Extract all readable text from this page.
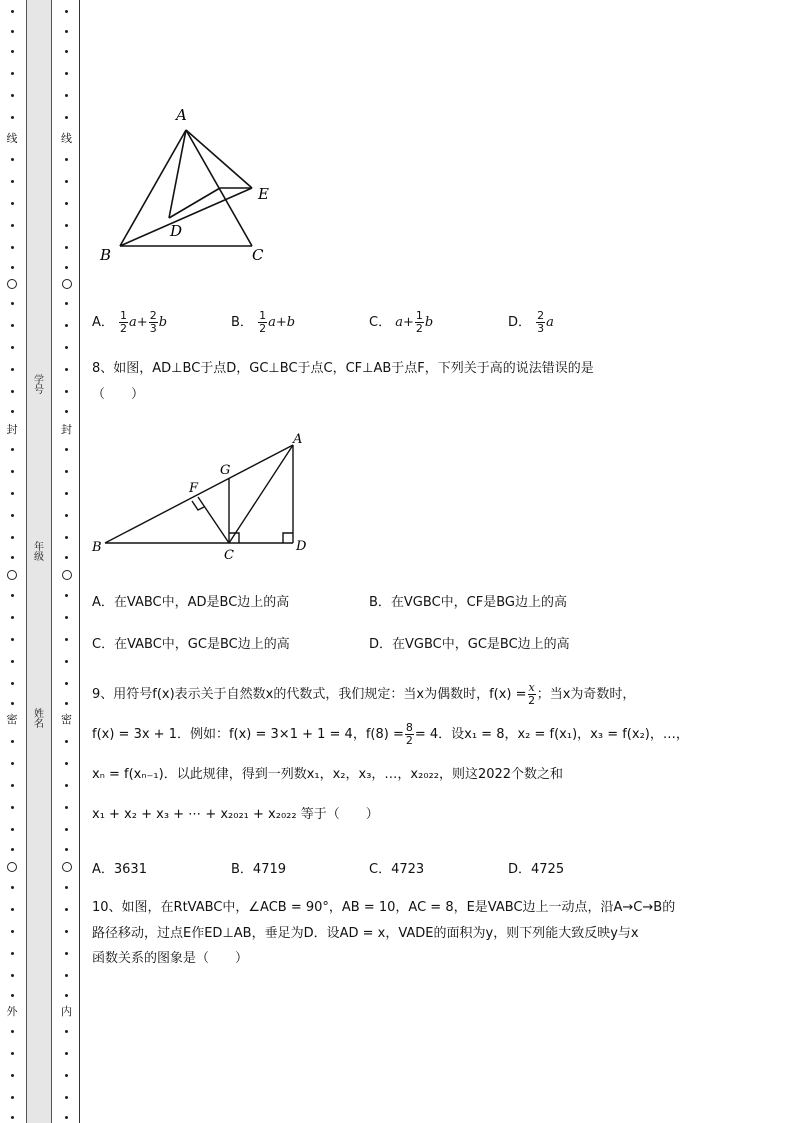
线
封
密
外
学号
年级
姓名
线
封
密
内
A
B	C
D
E
A． $\frac{1}{2} a+ \frac{2}{3}$ b	B． $\frac{1}{2} a+b$	C． $a+ \frac{1}{2}$ b	D． $\frac{2}{3}$ a
8、如图，AD⊥BC于点D，GC⊥BC于点C，CF⊥AB于点F，下列关于高的说法错误的是
（　　）
A
B
C
D
F
G
A．在VABC中，AD是BC边上的高	B．在VGBC中，CF是BG边上的高
C．在VABC中，GC是BC边上的高	D．在VGBC中，GC是BC边上的高
9、用符号f(x)表示关于自然数x的代数式，我们规定：当x为偶数时，$f(x) = \frac{x}{2}$ ；当x为奇数时，
f(x) = 3x + 1．例如：f(x) = 3×1 + 1 = 4，$f(8) = \frac{8}{2} = 4$．设x₁ = 8，x₂ = f(x₁)，x₃ = f(x₂)，…，
xₙ = f(xₙ₋₁)．以此规律，得到一列数x₁，x₂，x₃，…，x₂₀₂₂，则这2022个数之和
x₁ + x₂ + x₃ + ⋯ + x₂₀₂₁ + x₂₀₂₂ 等于（　　）
A．3631	B．4719	C．4723	D．4725
10、如图，在RtVABC中，∠ACB = 90°，AB = 10，AC = 8，E是VABC边上一动点，沿A→C→B的
路径移动，过点E作ED⊥AB，垂足为D．设AD = x，VADE的面积为y，则下列能大致反映y与x
函数关系的图象是（　　）
